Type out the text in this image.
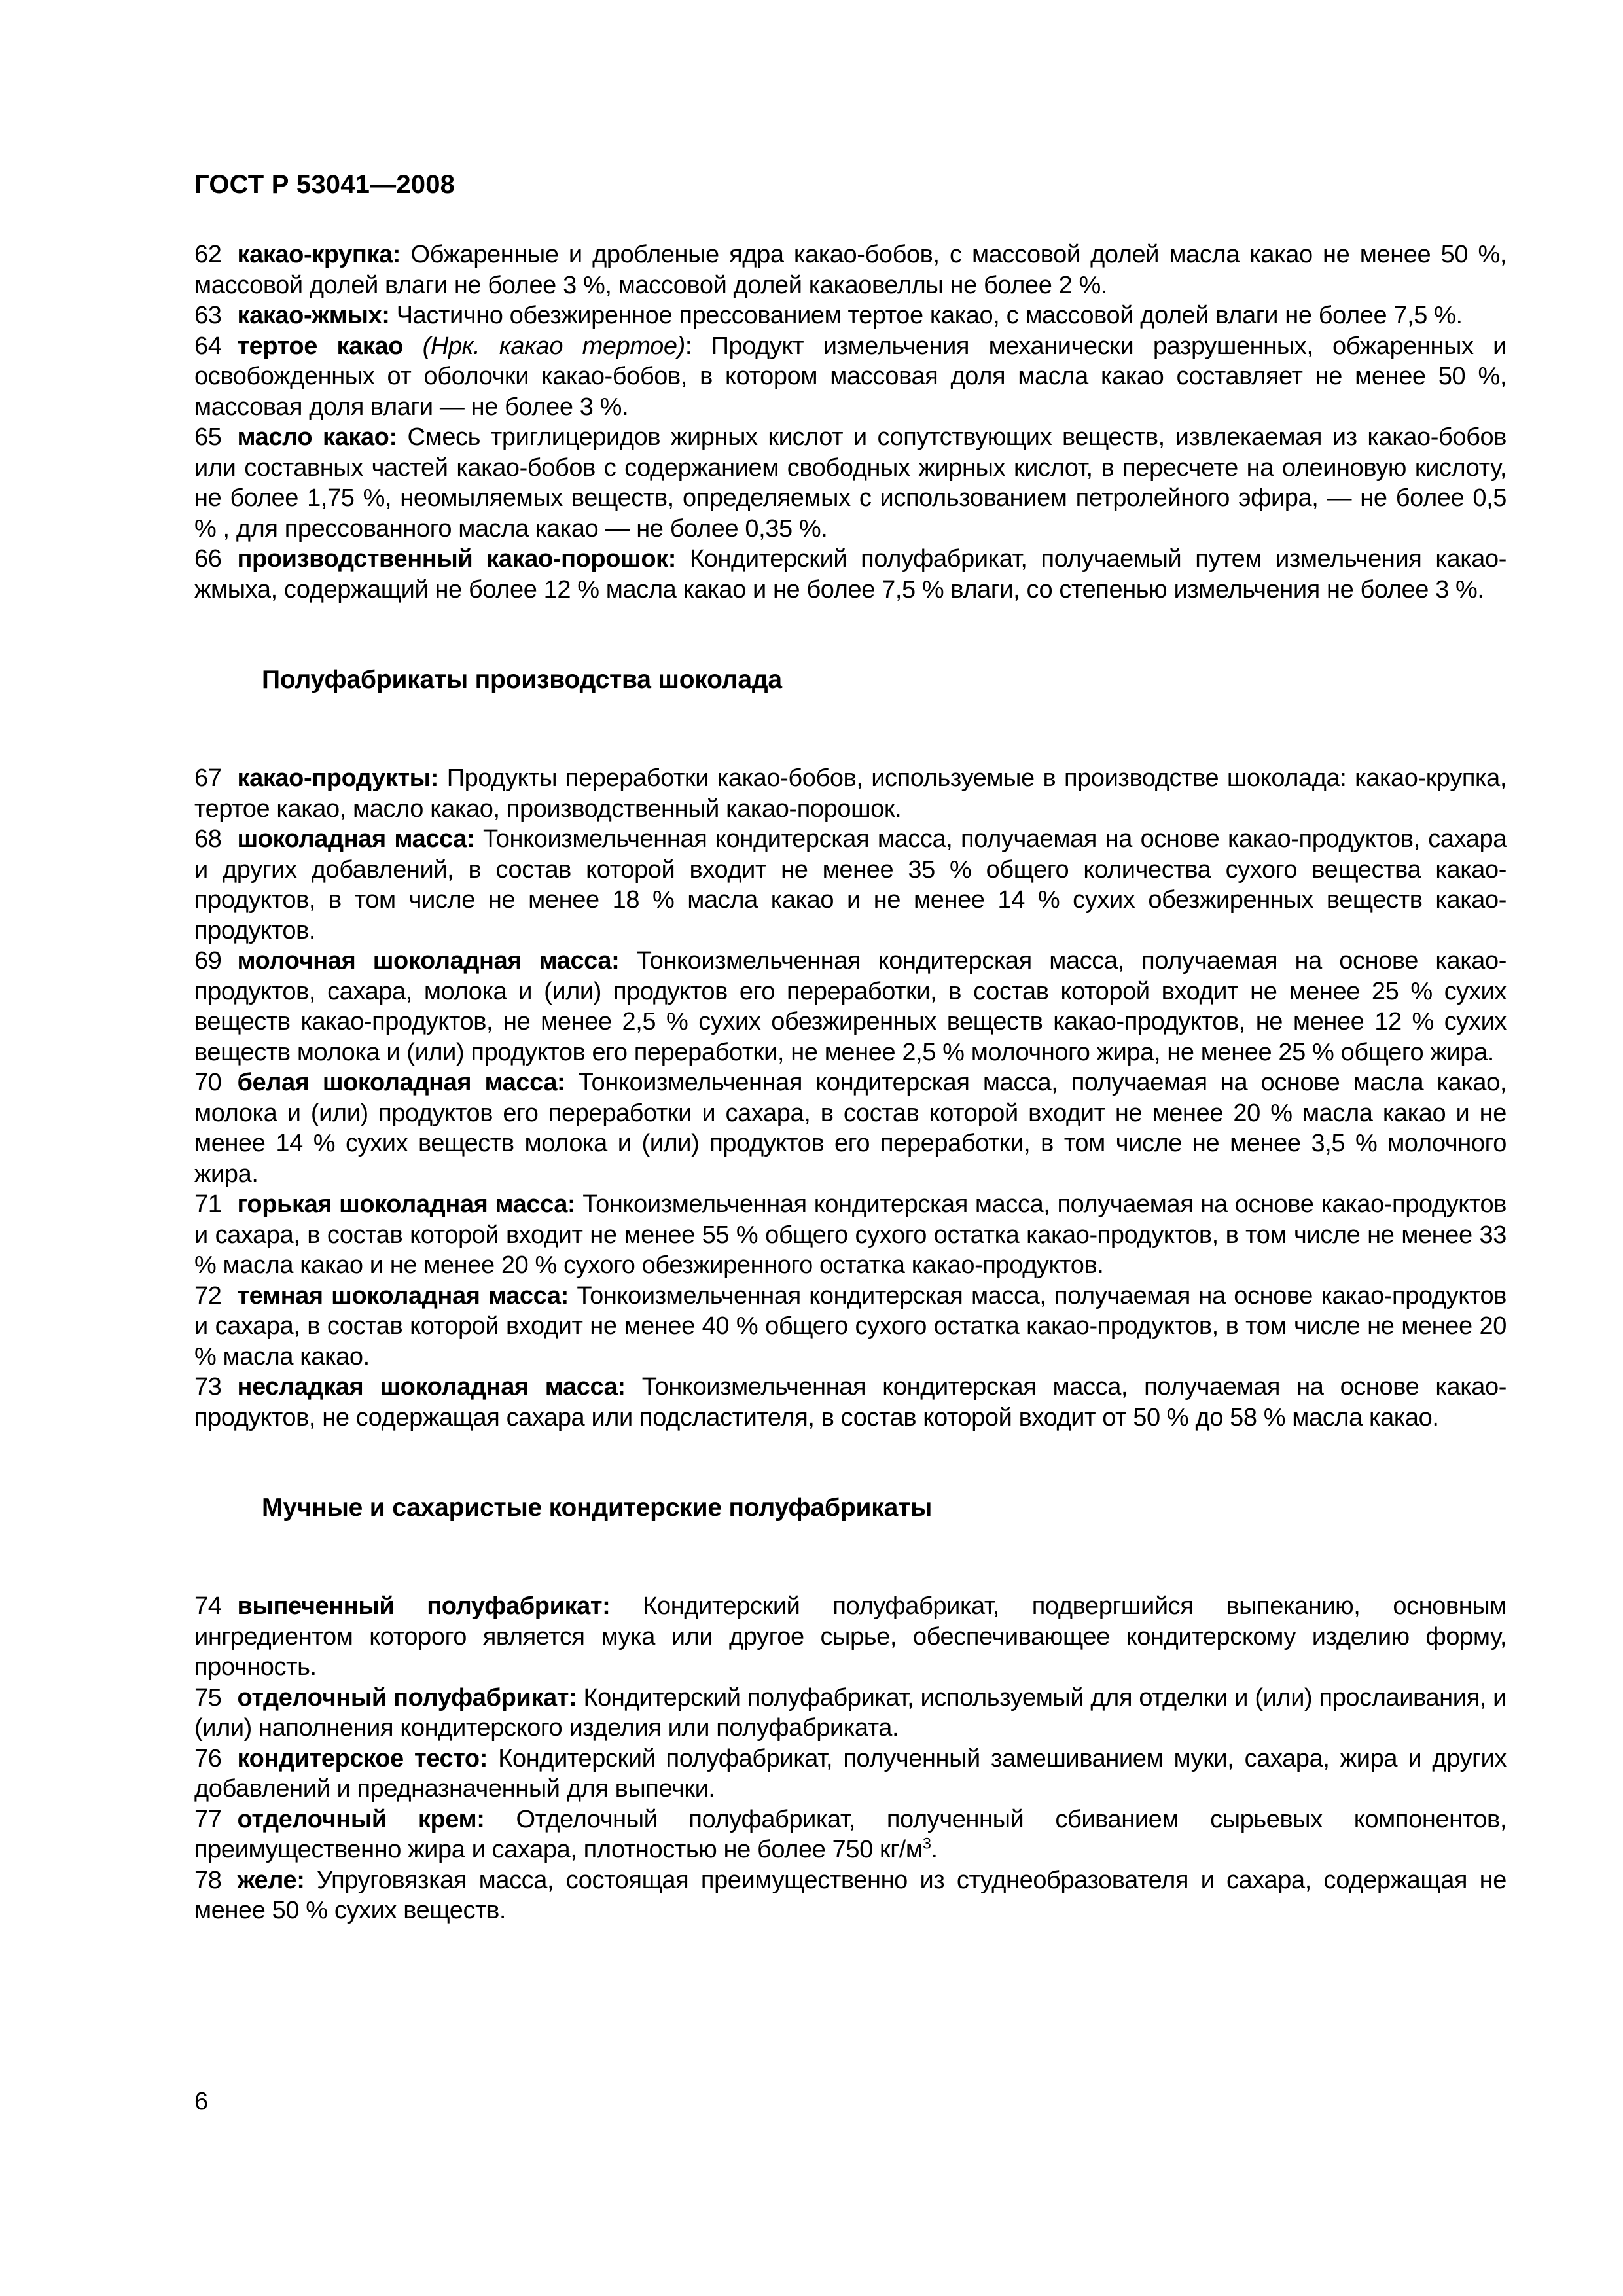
ГОСТ Р 53041—2008

62 какао-крупка: Обжаренные и дробленые ядра какао-бобов, с массовой долей масла какао не менее 50 %, массовой долей влаги не более 3 %, массовой долей какаовеллы не более 2 %.

63 какао-жмых: Частично обезжиренное прессованием тертое какао, с массовой долей влаги не более 7,5 %.

64 тертое какао (Нрк. какао тертое): Продукт измельчения механически разрушенных, обжаренных и освобожденных от оболочки какао-бобов, в котором массовая доля масла какао составляет не менее 50 %, массовая доля влаги — не более 3 %.

65 масло какао: Смесь триглицеридов жирных кислот и сопутствующих веществ, извлекаемая из какао-бобов или составных частей какао-бобов с содержанием свободных жирных кислот, в пересчете на олеиновую кислоту, не более 1,75 %, неомыляемых веществ, определяемых с использованием петролейного эфира, — не более 0,5 % , для прессованного масла какао — не более 0,35 %.

66 производственный какао-порошок: Кондитерский полуфабрикат, получаемый путем измельчения какао-жмыха, содержащий не более 12 % масла какао и не более 7,5 % влаги, со степенью измельчения не более 3 %.

Полуфабрикаты производства шоколада

67 какао-продукты: Продукты переработки какао-бобов, используемые в производстве шоколада: какао-крупка, тертое какао, масло какао, производственный какао-порошок.

68 шоколадная масса: Тонкоизмельченная кондитерская масса, получаемая на основе какао-продуктов, сахара и других добавлений, в состав которой входит не менее 35 % общего количества сухого вещества какао-продуктов, в том числе не менее 18 % масла какао и не менее 14 % сухих обезжиренных веществ какао-продуктов.

69 молочная шоколадная масса: Тонкоизмельченная кондитерская масса, получаемая на основе какао-продуктов, сахара, молока и (или) продуктов его переработки, в состав которой входит не менее 25 % сухих веществ какао-продуктов, не менее 2,5 % сухих обезжиренных веществ какао-продуктов, не менее 12 % сухих веществ молока и (или) продуктов его переработки, не менее 2,5 % молочного жира, не менее 25 % общего жира.

70 белая шоколадная масса: Тонкоизмельченная кондитерская масса, получаемая на основе масла какао, молока и (или) продуктов его переработки и сахара, в состав которой входит не менее 20 % масла какао и не менее 14 % сухих веществ молока и (или) продуктов его переработки, в том числе не менее 3,5 % молочного жира.

71 горькая шоколадная масса: Тонкоизмельченная кондитерская масса, получаемая на основе какао-продуктов и сахара, в состав которой входит не менее 55 % общего сухого остатка какао-продуктов, в том числе не менее 33 % масла какао и не менее 20 % сухого обезжиренного остатка какао-продуктов.

72 темная шоколадная масса: Тонкоизмельченная кондитерская масса, получаемая на основе какао-продуктов и сахара, в состав которой входит не менее 40 % общего сухого остатка какао-продуктов, в том числе не менее 20 % масла какао.

73 несладкая шоколадная масса: Тонкоизмельченная кондитерская масса, получаемая на основе какао-продуктов, не содержащая сахара или подсластителя, в состав которой входит от 50 % до 58 % масла какао.

Мучные и сахаристые кондитерские полуфабрикаты

74 выпеченный полуфабрикат: Кондитерский полуфабрикат, подвергшийся выпеканию, основным ингредиентом которого является мука или другое сырье, обеспечивающее кондитерскому изделию форму, прочность.

75 отделочный полуфабрикат: Кондитерский полуфабрикат, используемый для отделки и (или) прослаивания, и (или) наполнения кондитерского изделия или полуфабриката.

76 кондитерское тесто: Кондитерский полуфабрикат, полученный замешиванием муки, сахара, жира и других добавлений и предназначенный для выпечки.

77 отделочный крем: Отделочный полуфабрикат, полученный сбиванием сырьевых компонентов, преимущественно жира и сахара, плотностью не более 750 $кг/м^3$.

78 желе: Упруговязкая масса, состоящая преимущественно из студнеобразователя и сахара, содержащая не менее 50 % сухих веществ.

6
